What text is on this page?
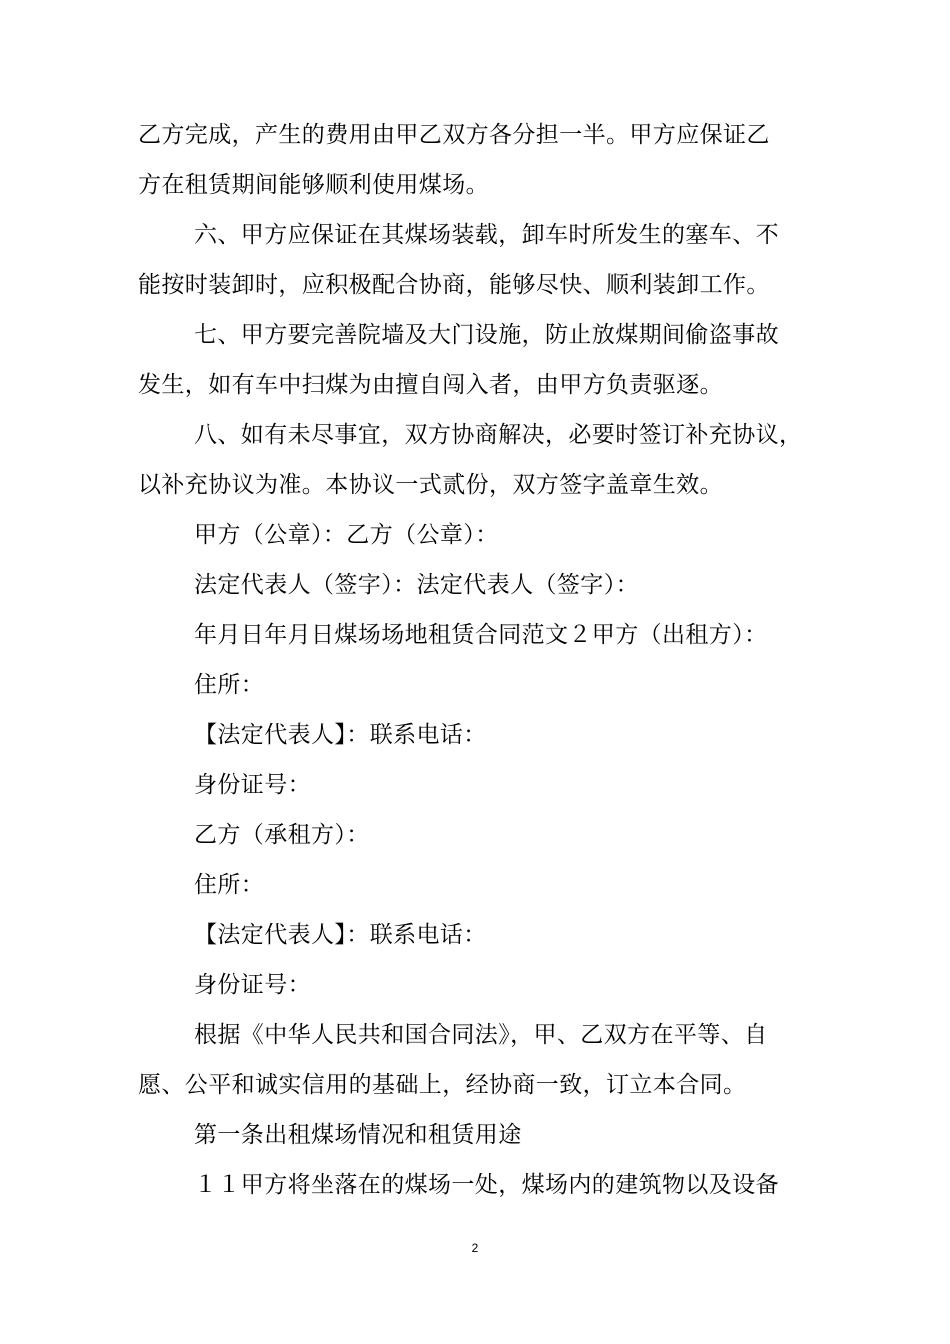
乙方完成，产生的费用由甲乙双方各分担一半。甲方应保证乙
方在租赁期间能够顺利使用煤场。
六、甲方应保证在其煤场装载，卸车时所发生的塞车、不
能按时装卸时，应积极配合协商，能够尽快、顺利装卸工作。
七、甲方要完善院墙及大门设施，防止放煤期间偷盗事故
发生，如有车中扫煤为由擅自闯入者，由甲方负责驱逐。
八、如有未尽事宜，双方协商解决，必要时签订补充协议，
以补充协议为准。本协议一式贰份，双方签字盖章生效。
甲方（公章）：乙方（公章）：
法定代表人（签字）：法定代表人（签字）：
年月日年月日煤场场地租赁合同范文２甲方（出租方）：
住所：
【法定代表人】：联系电话：
身份证号：
乙方（承租方）：
住所：
【法定代表人】：联系电话：
身份证号：
根据《中华人民共和国合同法》，甲、乙双方在平等、自
愿、公平和诚实信用的基础上，经协商一致，订立本合同。
第一条出租煤场情况和租赁用途
１１甲方将坐落在的煤场一处，煤场内的建筑物以及设备
2
